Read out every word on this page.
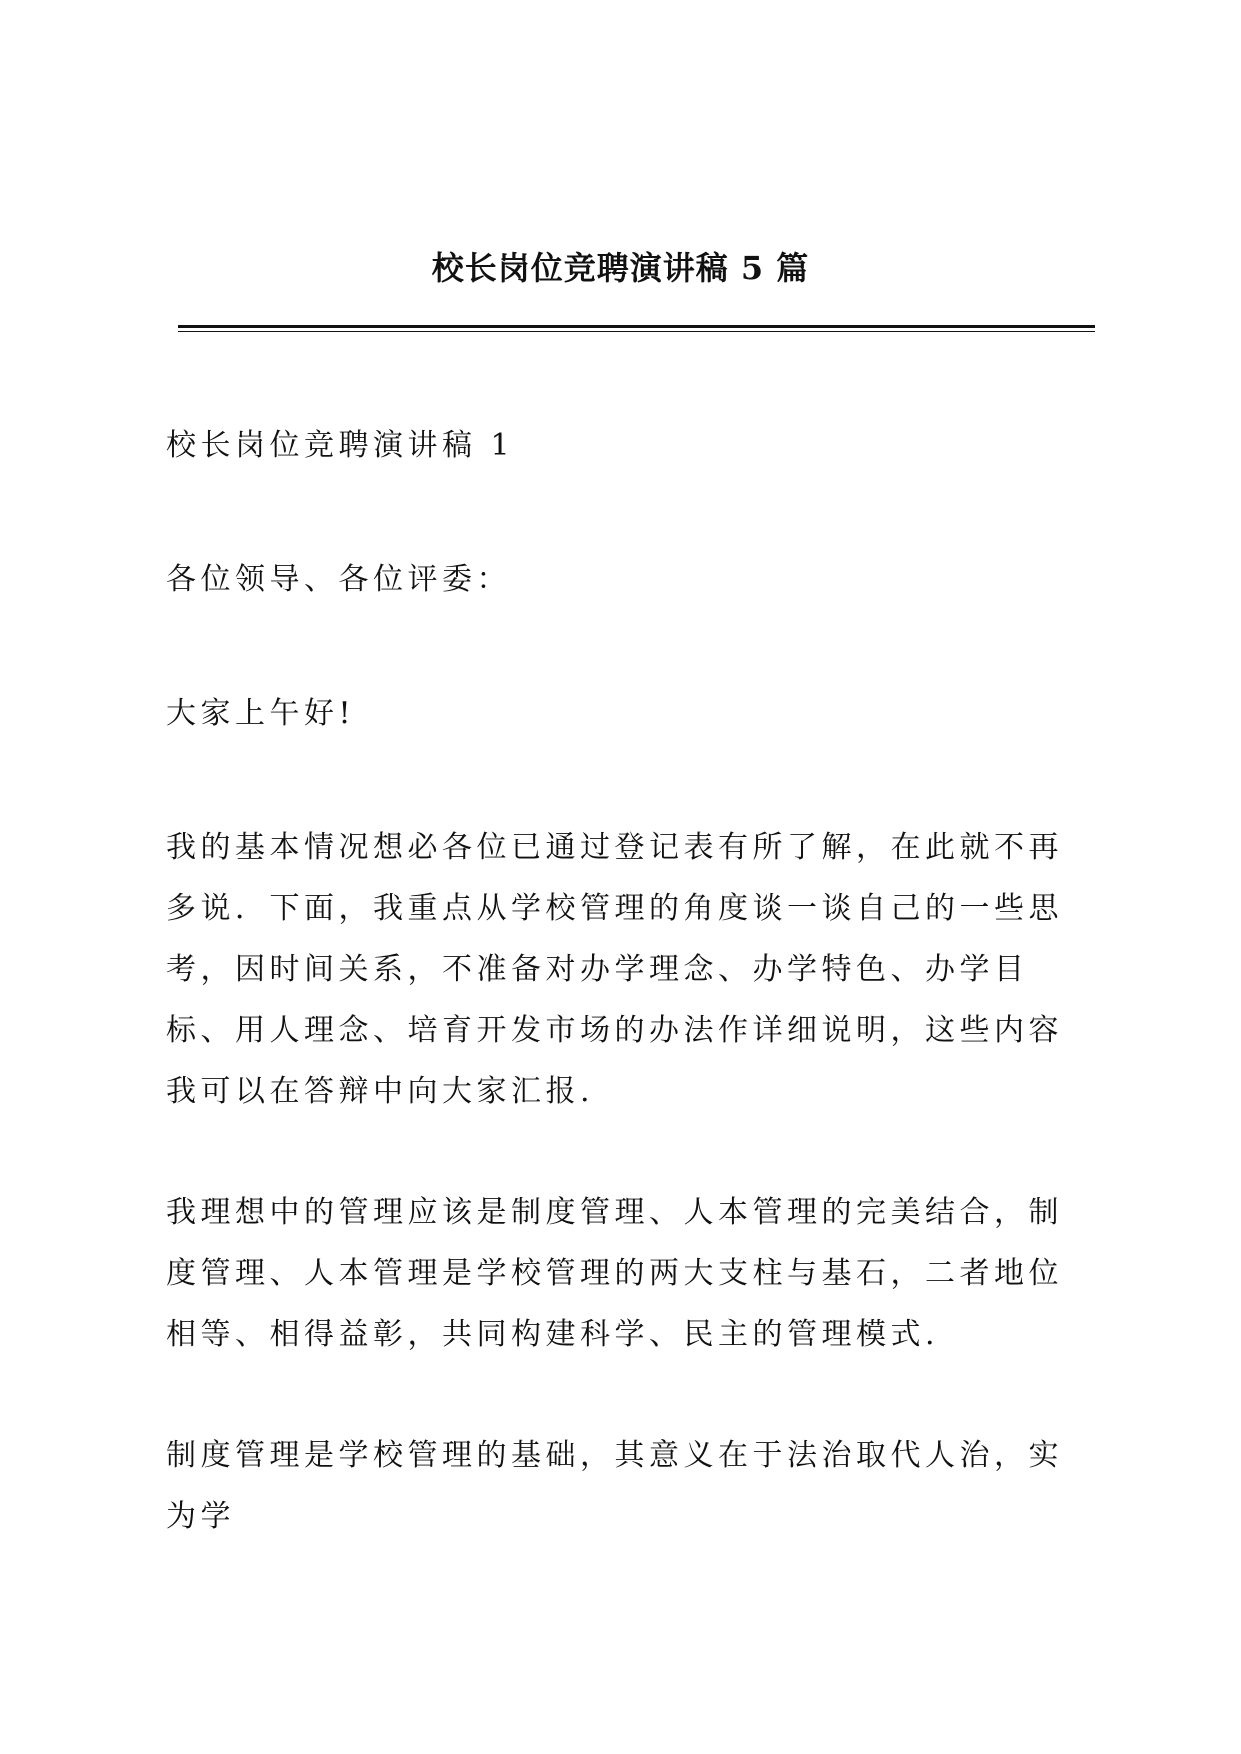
校长岗位竞聘演讲稿 5 篇

校长岗位竞聘演讲稿 1

各位领导、各位评委：

大家上午好!

我的基本情况想必各位已通过登记表有所了解，在此就不再多说．下面，我重点从学校管理的角度谈一谈自己的一些思考，因时间关系，不准备对办学理念、办学特色、办学目标、用人理念、培育开发市场的办法作详细说明，这些内容我可以在答辩中向大家汇报.

我理想中的管理应该是制度管理、人本管理的完美结合，制度管理、人本管理是学校管理的两大支柱与基石，二者地位相等、相得益彰，共同构建科学、民主的管理模式.

制度管理是学校管理的基础，其意义在于法治取代人治，实为学
